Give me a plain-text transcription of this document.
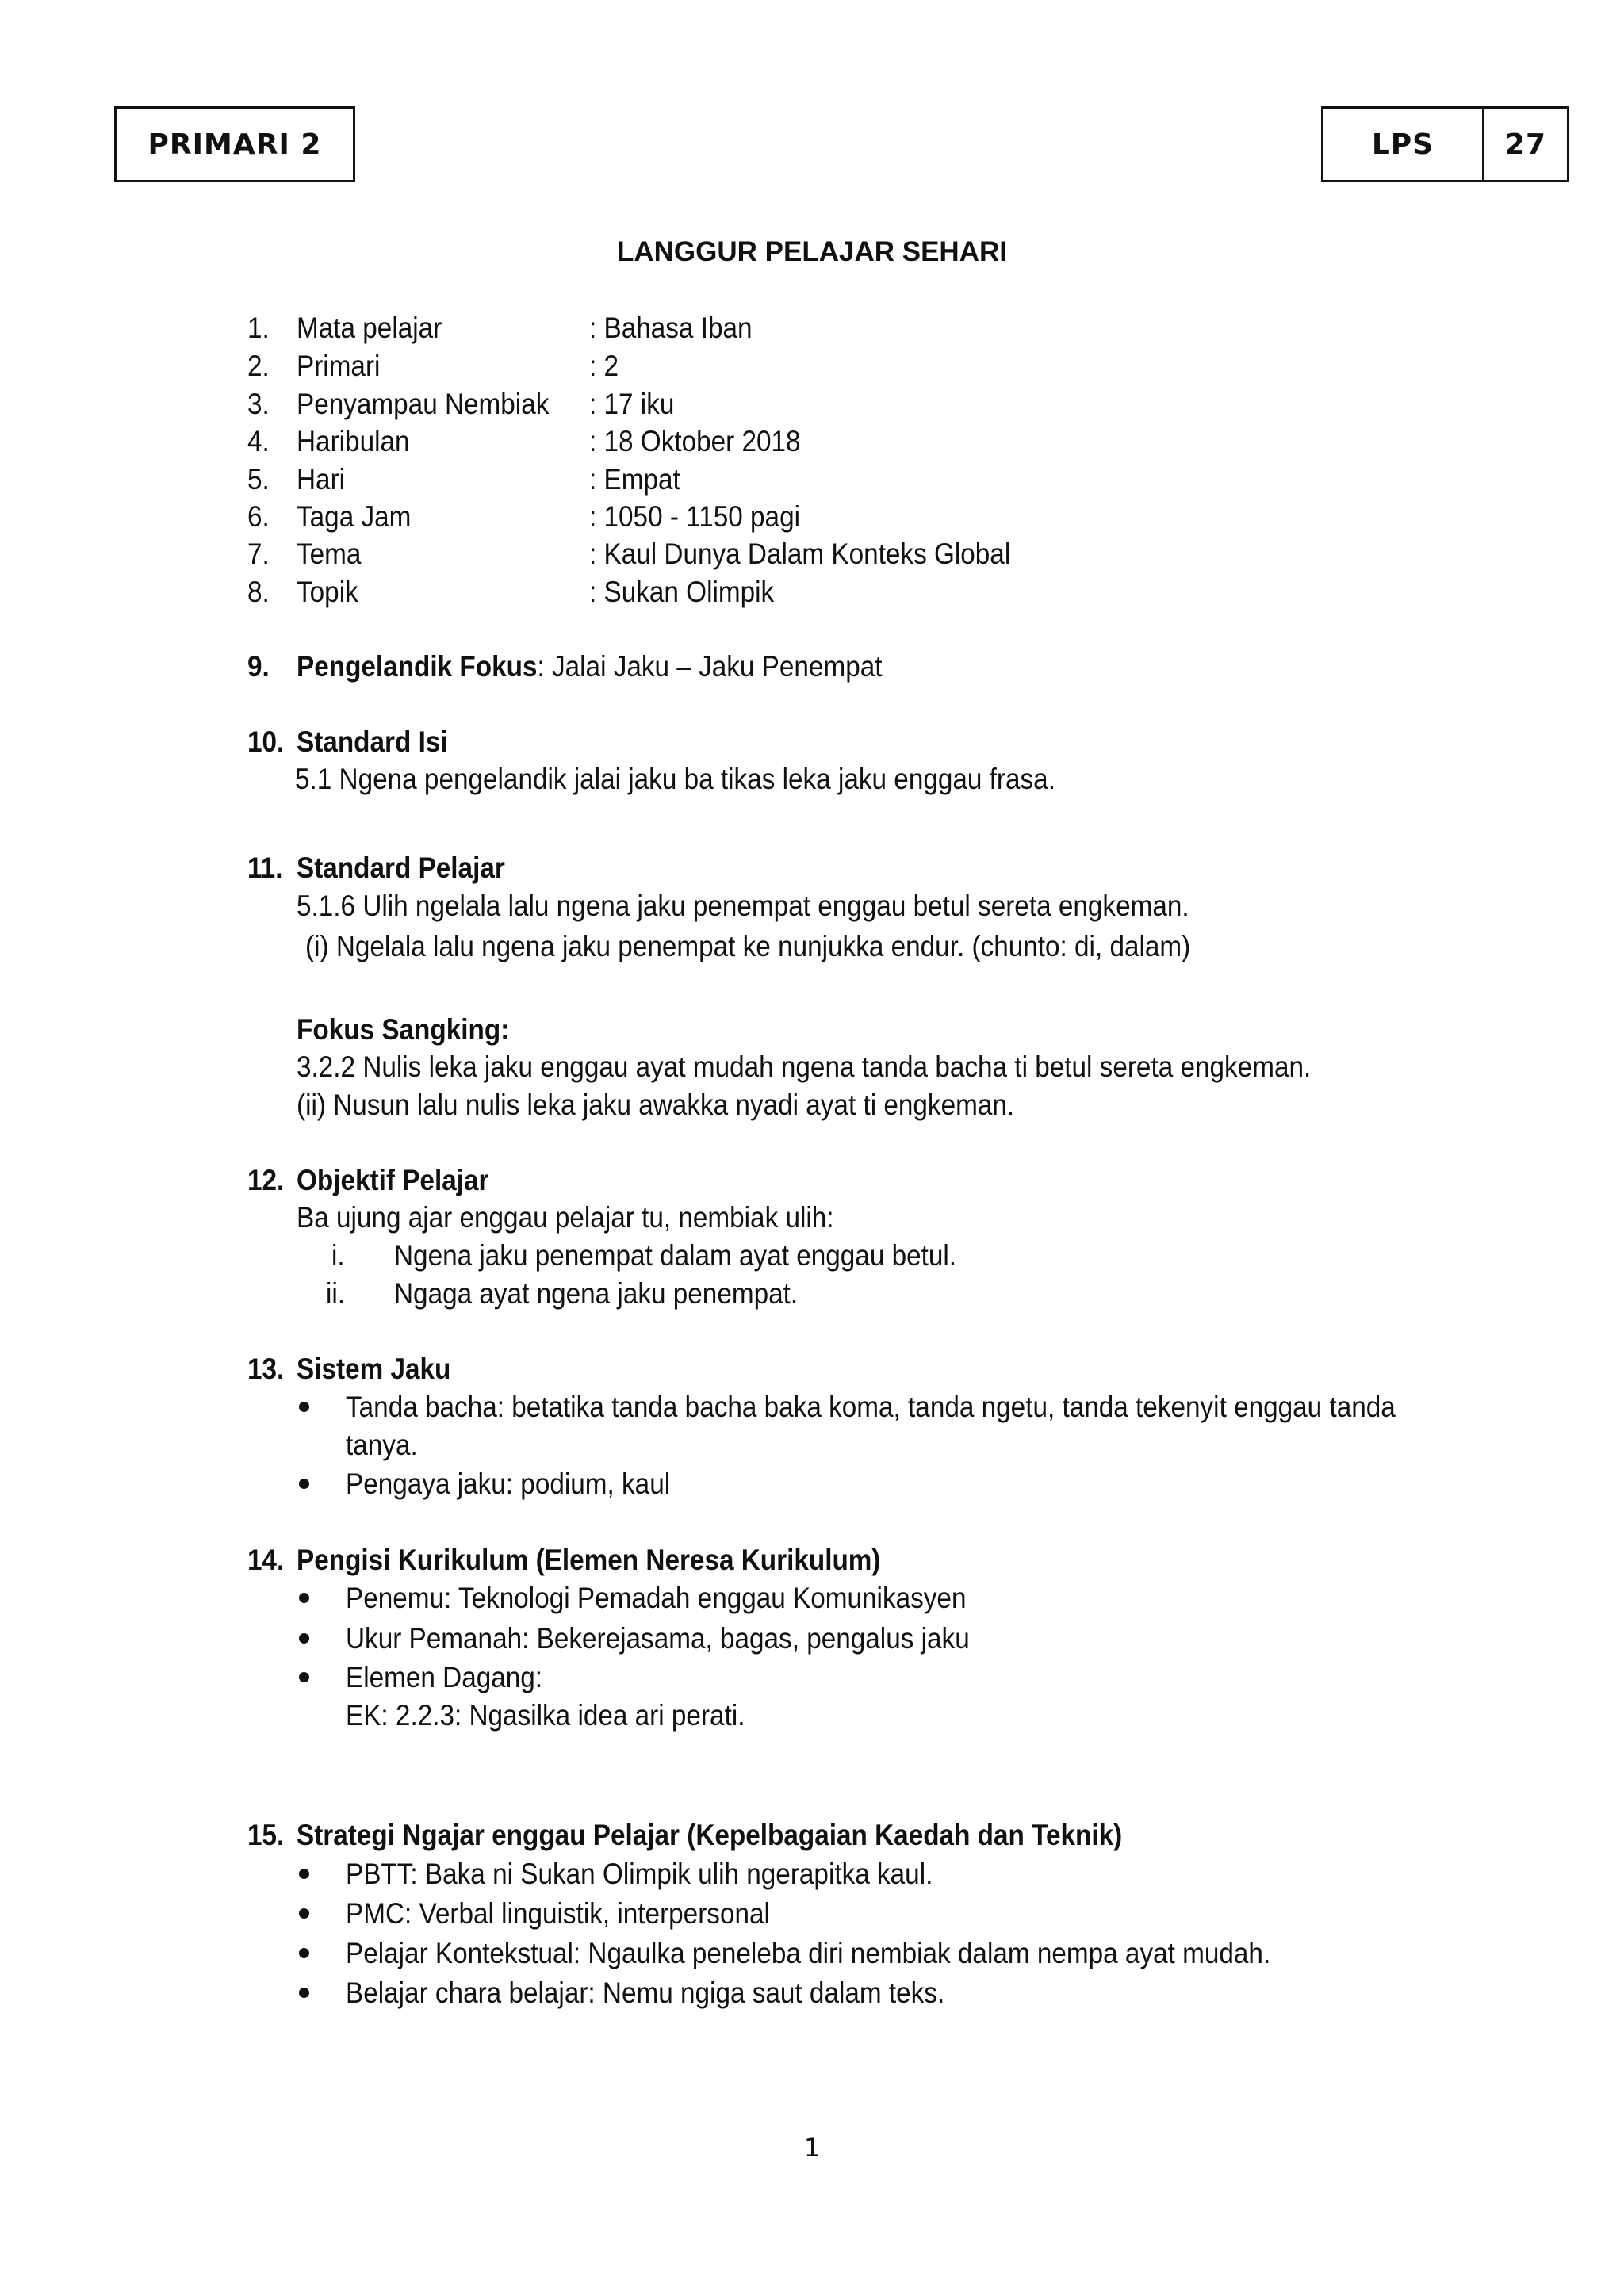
PRIMARI 2	LPS 27
LANGGUR PELAJAR SEHARI
1. Mata pelajar	: Bahasa Iban
2. Primari	: 2
3. Penyampau Nembiak : 17 iku
4. Haribulan	: 18 Oktober 2018
5. Hari	: Empat
6. Taga Jam	: 1050 - 1150 pagi
7. Tema	: Kaul Dunya Dalam Konteks Global
8. Topik	: Sukan Olimpik
9. Pengelandik Fokus: Jalai Jaku – Jaku Penempat
10. Standard Isi
5.1 Ngena pengelandik jalai jaku ba tikas leka jaku enggau frasa.
11. Standard Pelajar
5.1.6 Ulih ngelala lalu ngena jaku penempat enggau betul sereta engkeman.
(i) Ngelala lalu ngena jaku penempat ke nunjukka endur. (chunto: di, dalam)
Fokus Sangking:
3.2.2 Nulis leka jaku enggau ayat mudah ngena tanda bacha ti betul sereta engkeman.
(ii) Nusun lalu nulis leka jaku awakka nyadi ayat ti engkeman.
12. Objektif Pelajar
Ba ujung ajar enggau pelajar tu, nembiak ulih:
i. Ngena jaku penempat dalam ayat enggau betul.
ii. Ngaga ayat ngena jaku penempat.
13. Sistem Jaku
Tanda bacha: betatika tanda bacha baka koma, tanda ngetu, tanda tekenyit enggau tanda
tanya.
Pengaya jaku: podium, kaul
14. Pengisi Kurikulum (Elemen Neresa Kurikulum)
Penemu: Teknologi Pemadah enggau Komunikasyen
Ukur Pemanah: Bekerejasama, bagas, pengalus jaku
Elemen Dagang:
EK: 2.2.3: Ngasilka idea ari perati.
15. Strategi Ngajar enggau Pelajar (Kepelbagaian Kaedah dan Teknik)
PBTT: Baka ni Sukan Olimpik ulih ngerapitka kaul.
PMC: Verbal linguistik, interpersonal
Pelajar Kontekstual: Ngaulka peneleba diri nembiak dalam nempa ayat mudah.
Belajar chara belajar: Nemu ngiga saut dalam teks.
1
